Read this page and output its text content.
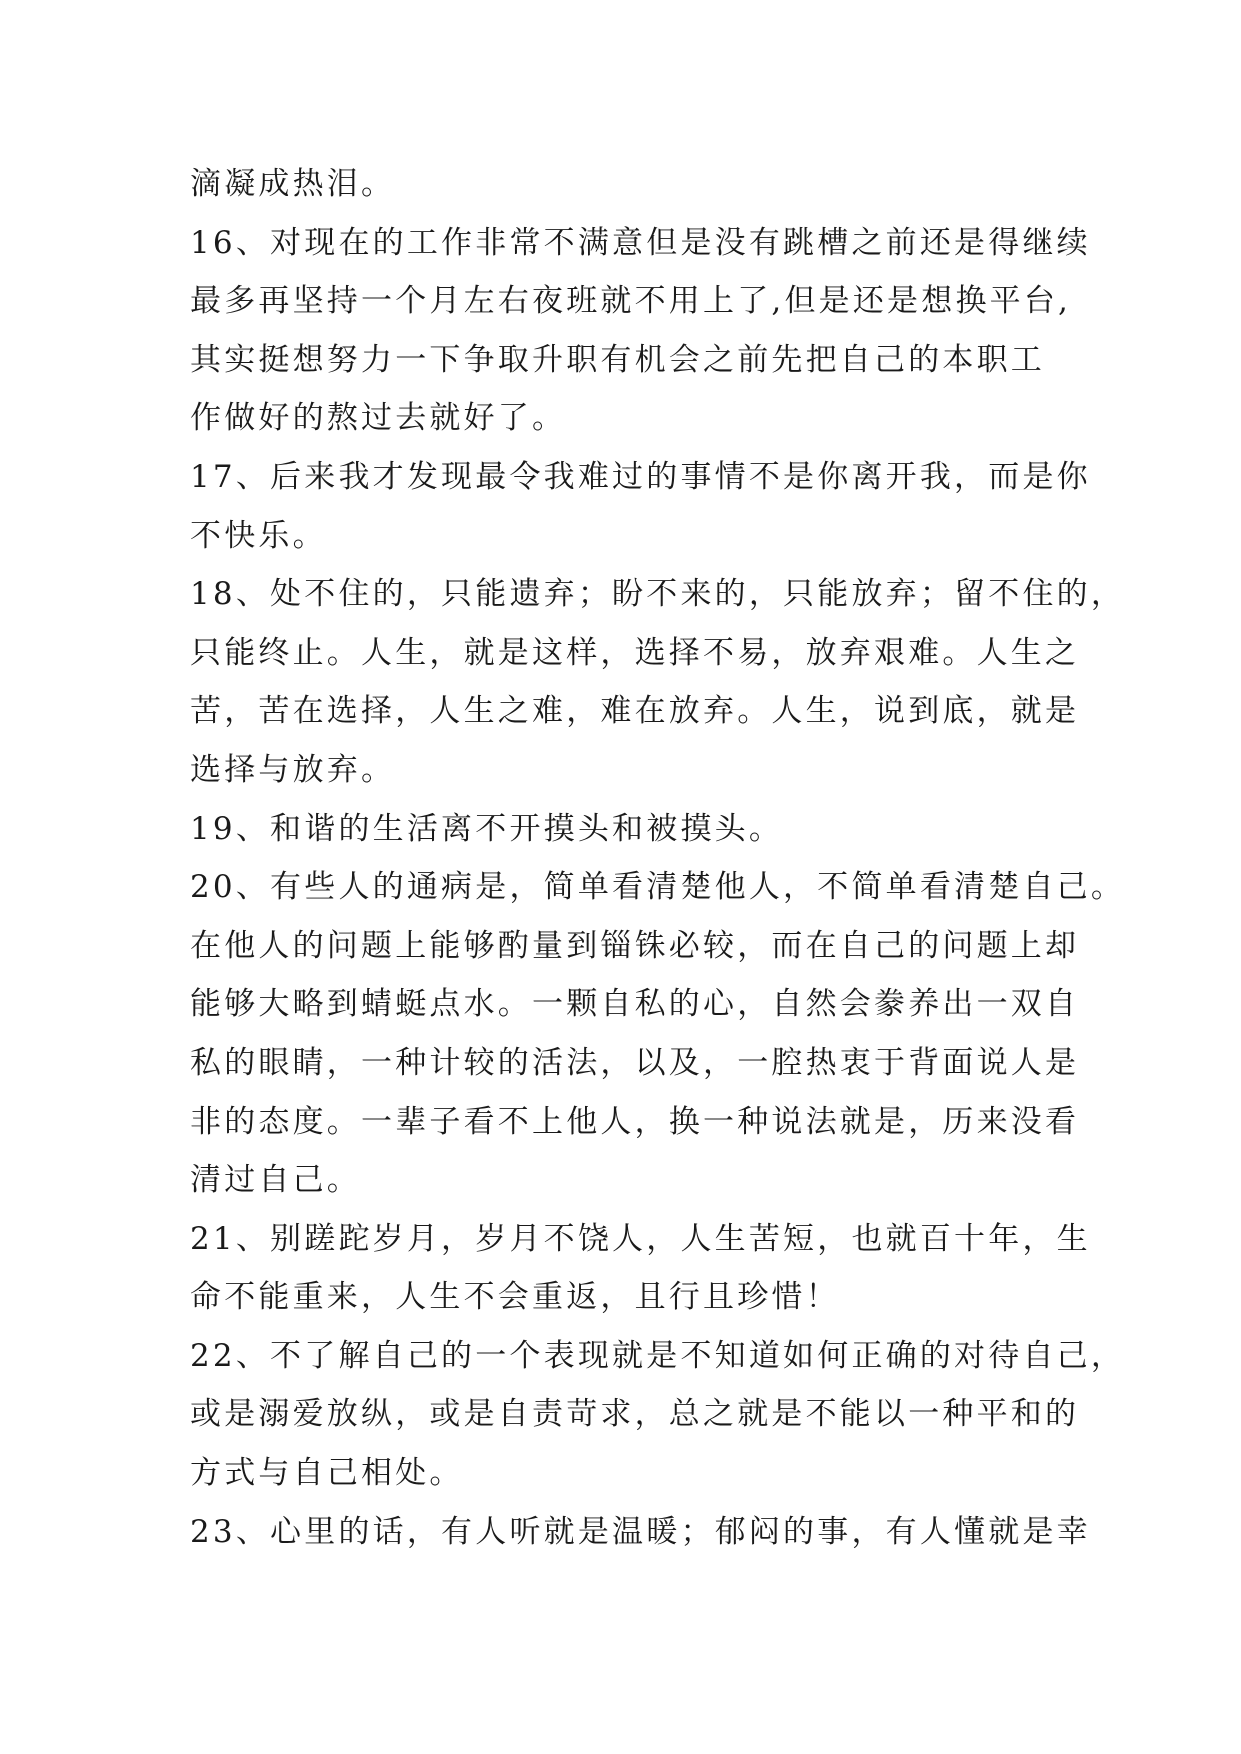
滴凝成热泪。
16、对现在的工作非常不满意但是没有跳槽之前还是得继续
最多再坚持一个月左右夜班就不用上了,但是还是想换平台,
其实挺想努力一下争取升职有机会之前先把自己的本职工
作做好的熬过去就好了。
17、后来我才发现最令我难过的事情不是你离开我，而是你
不快乐。
18、处不住的，只能遗弃；盼不来的，只能放弃；留不住的，
只能终止。人生，就是这样，选择不易，放弃艰难。人生之
苦，苦在选择，人生之难，难在放弃。人生，说到底，就是
选择与放弃。
19、和谐的生活离不开摸头和被摸头。
20、有些人的通病是，简单看清楚他人，不简单看清楚自己。
在他人的问题上能够酌量到锱铢必较，而在自己的问题上却
能够大略到蜻蜓点水。一颗自私的心，自然会豢养出一双自
私的眼睛，一种计较的活法，以及，一腔热衷于背面说人是
非的态度。一辈子看不上他人，换一种说法就是，历来没看
清过自己。
21、别蹉跎岁月，岁月不饶人，人生苦短，也就百十年，生
命不能重来，人生不会重返，且行且珍惜！
22、不了解自己的一个表现就是不知道如何正确的对待自己，
或是溺爱放纵，或是自责苛求，总之就是不能以一种平和的
方式与自己相处。
23、心里的话，有人听就是温暖；郁闷的事，有人懂就是幸
